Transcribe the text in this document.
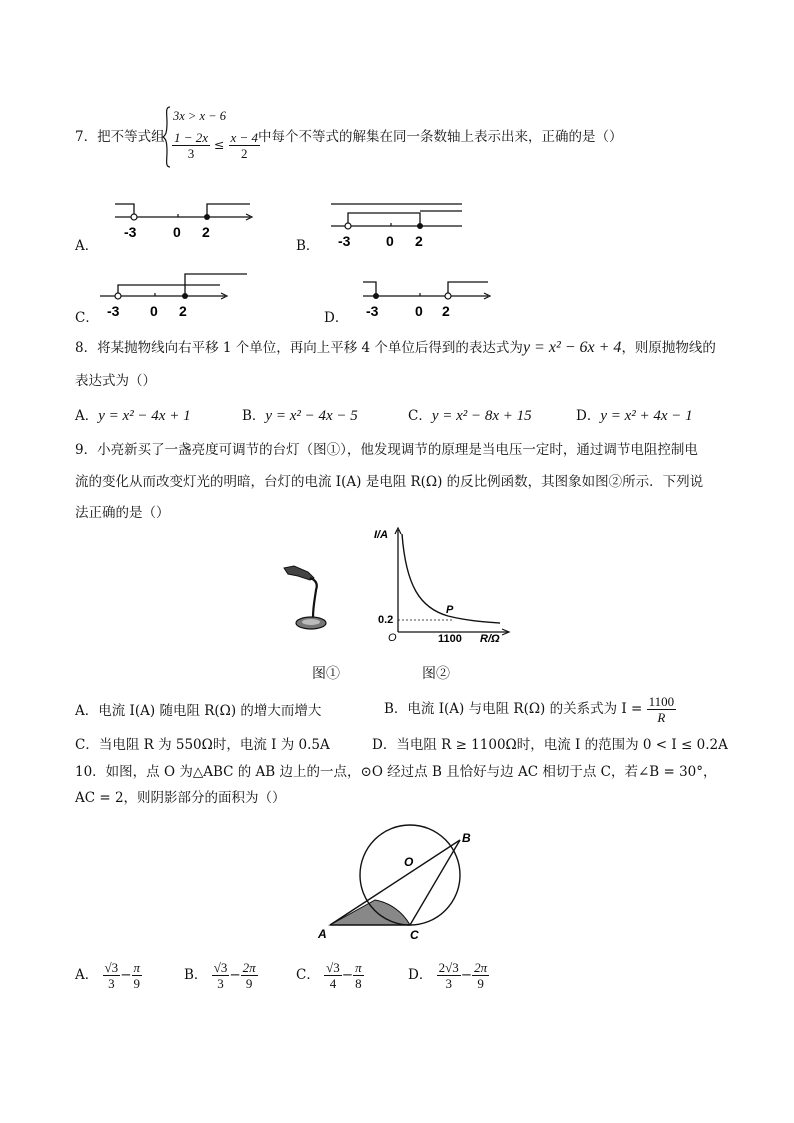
7．把不等式组
3x > x − 6
$\frac{1 - 2x}{3} \le \frac{x - 4}{2}$
中每个不等式的解集在同一条数轴上表示出来，正确的是（）
A．	B．
C．	D．
-3	0 2
-3	0 2
-3 0 2	-3	0 2
8．将某抛物线向右平移 1 个单位，再向上平移 4 个单位后得到的表达式为y = x² − 6x + 4，则原抛物线的
表达式为（）
A．y = x² − 4x + 1	B．y = x² − 4x − 5	C．y = x² − 8x + 15	D．y = x² + 4x − 1
9．小亮新买了一盏亮度可调节的台灯（图①），他发现调节的原理是当电压一定时，通过调节电阻控制电
流的变化从而改变灯光的明暗，台灯的电流 I(A) 是电阻 R(Ω) 的反比例函数，其图象如图②所示．下列说
法正确的是（）
I/A
R/Ω
O
0.2
1100
P
图①	图②
A．电流 I(A) 随电阻 R(Ω) 的增大而增大	B．电流 I(A) 与电阻 R(Ω) 的关系式为 $I = \frac{1100}{R}$
C．当电阻 R 为 550Ω时，电流 I 为 0.5A	D．当电阻 R ≥ 1100Ω时，电流 I 的范围为 0 < I ≤ 0.2A
10．如图，点 O 为△ABC 的 AB 边上的一点，⊙O 经过点 B 且恰好与边 AC 相切于点 C，若∠B = 30°，
AC = 2，则阴影部分的面积为（）
O
B
A	C
A． $\frac{√3}{3} - \frac{\pi}{9}$	B． $\frac{√3}{3} - \frac{2\pi}{9}$	C． $\frac{√3}{4} - \frac{\pi}{8}$	D． $\frac{2√3}{3} - \frac{2\pi}{9}$
